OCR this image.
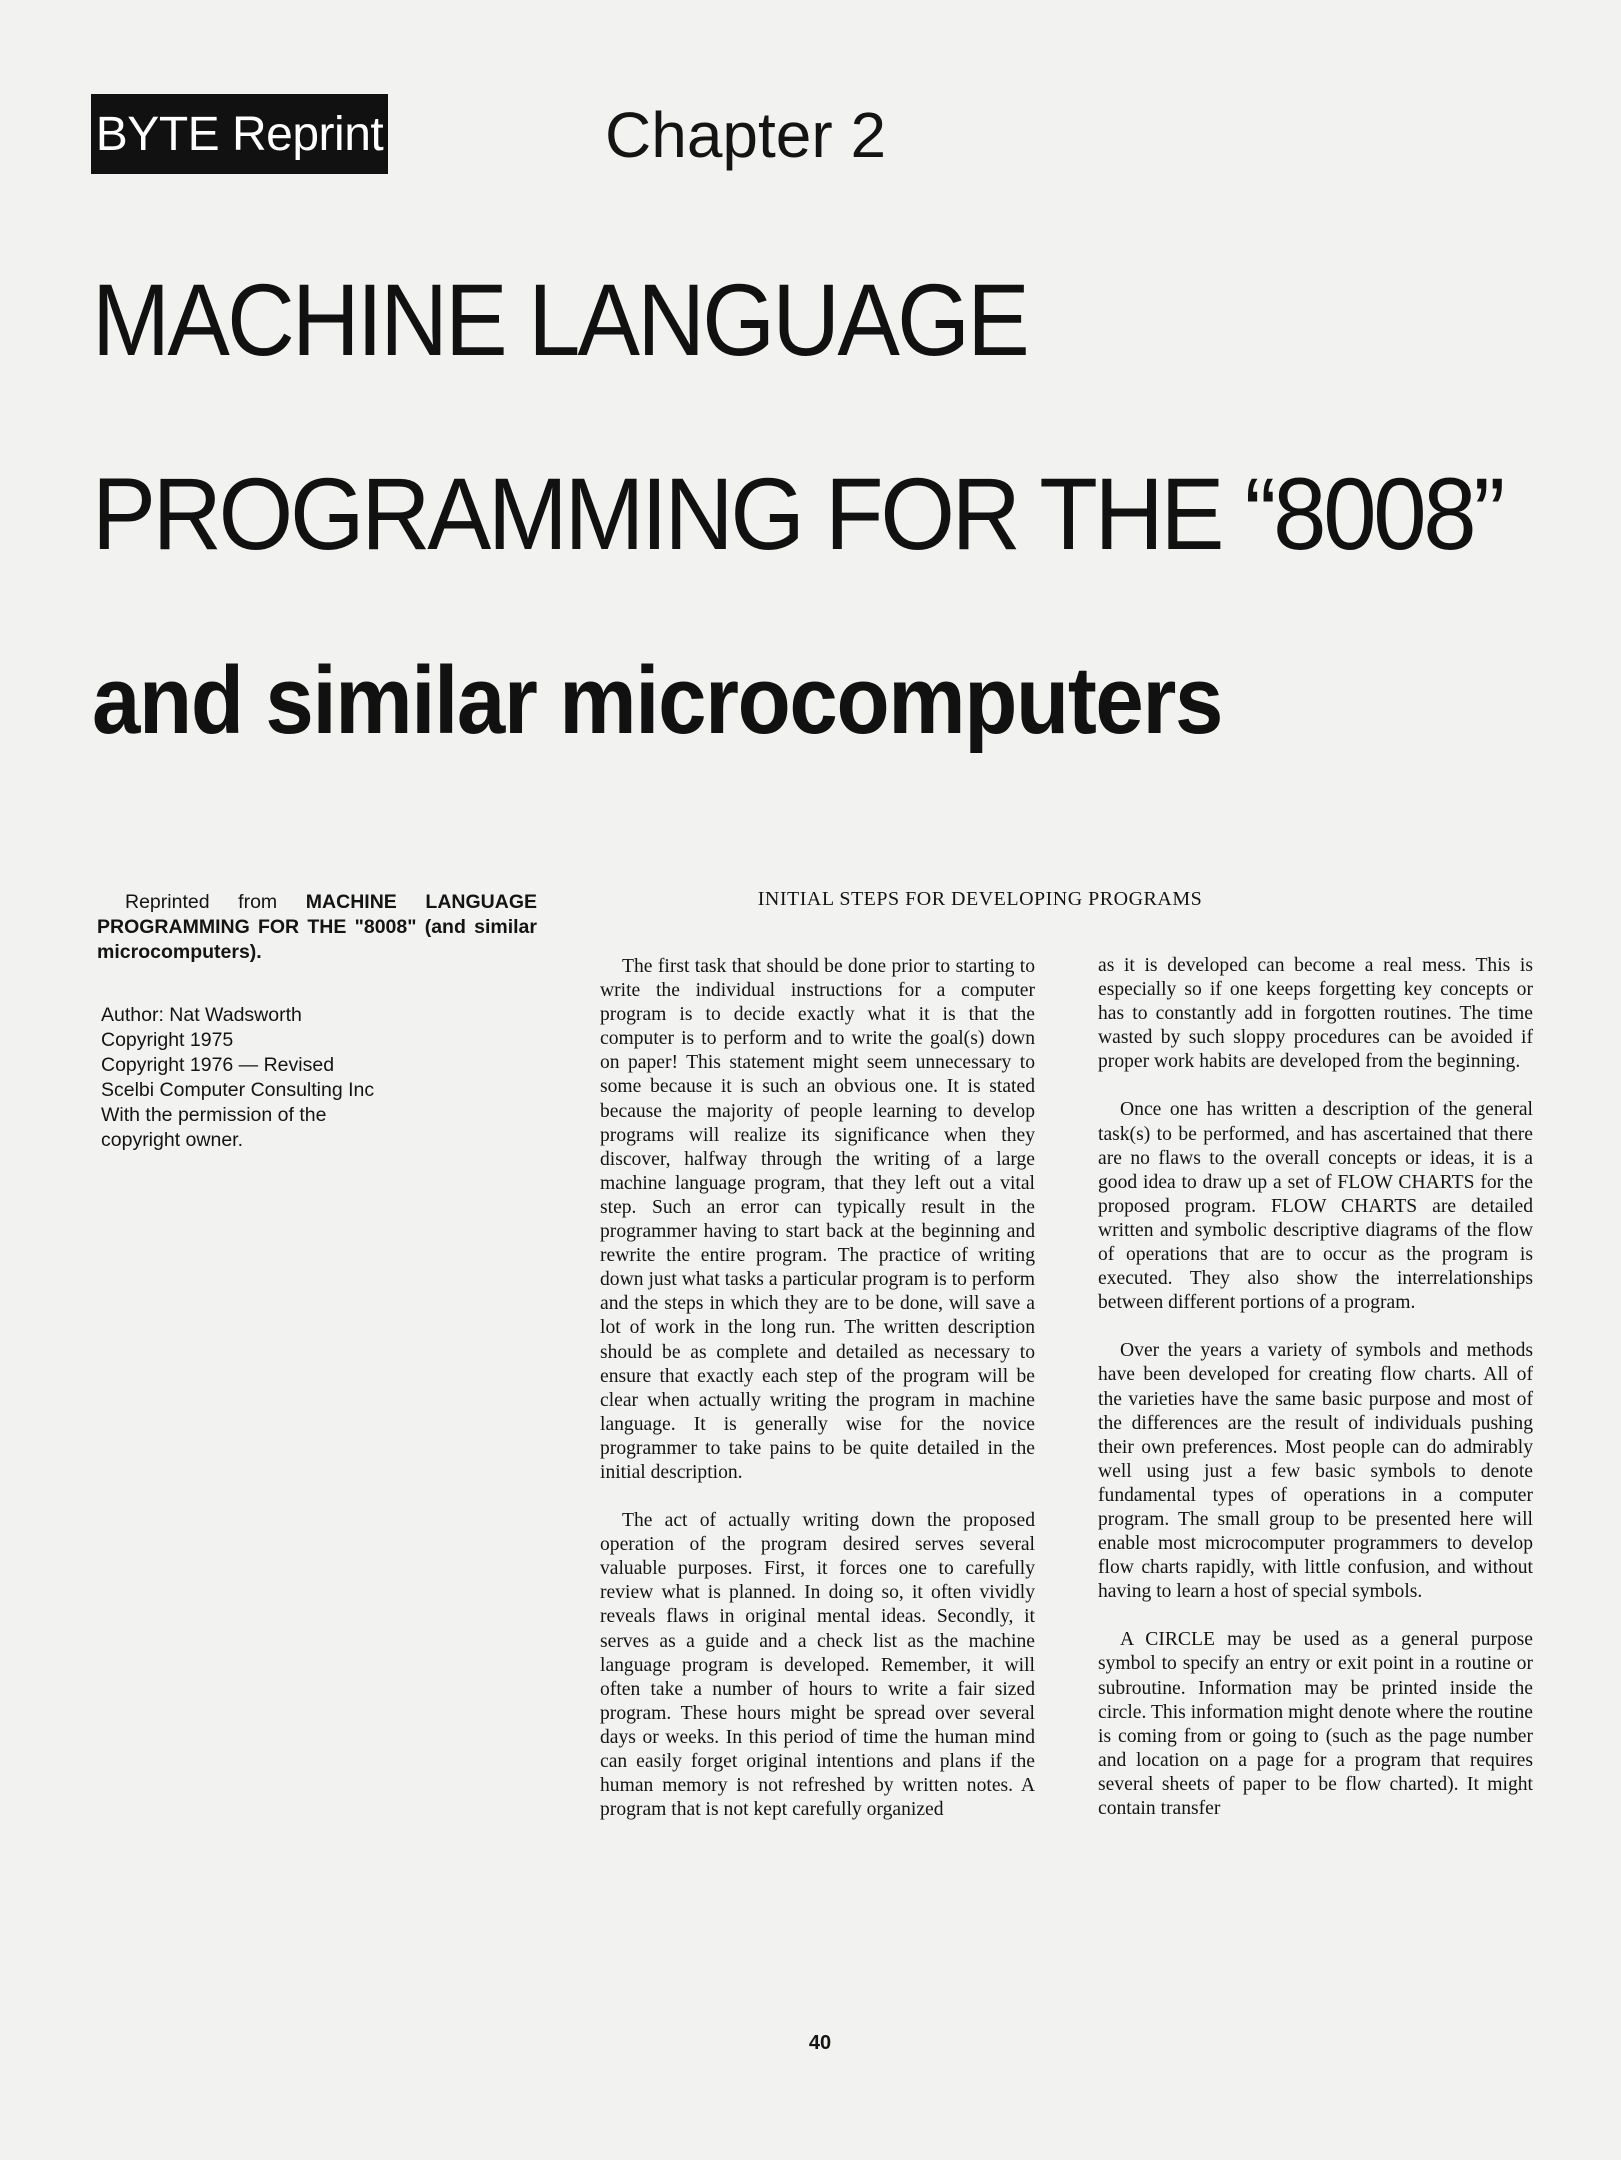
BYTE Reprint	Chapter 2
MACHINE LANGUAGE
PROGRAMMING FOR THE “8008”
and similar microcomputers

Reprinted from MACHINE LANGUAGE PROGRAMMING FOR THE "8008" (and similar microcomputers).

Author: Nat Wadsworth
Copyright 1975
Copyright 1976 — Revised
Scelbi Computer Consulting Inc
With the permission of the
copyright owner.
INITIAL STEPS FOR DEVELOPING PROGRAMS

The first task that should be done prior to starting to write the individual instructions for a computer program is to decide exactly what it is that the computer is to perform and to write the goal(s) down on paper! This statement might seem unnecessary to some because it is such an obvious one. It is stated because the majority of people learning to develop programs will realize its significance when they discover, halfway through the writing of a large machine language program, that they left out a vital step. Such an error can typically result in the programmer having to start back at the beginning and rewrite the entire program. The practice of writing down just what tasks a particular program is to perform and the steps in which they are to be done, will save a lot of work in the long run. The written description should be as complete and detailed as necessary to ensure that exactly each step of the program will be clear when actually writing the program in machine language. It is generally wise for the novice programmer to take pains to be quite detailed in the initial description.

The act of actually writing down the proposed operation of the program desired serves several valuable purposes. First, it forces one to carefully review what is planned. In doing so, it often vividly reveals flaws in original mental ideas. Secondly, it serves as a guide and a check list as the machine language program is developed. Remember, it will often take a number of hours to write a fair sized program. These hours might be spread over several days or weeks. In this period of time the human mind can easily forget original intentions and plans if the human memory is not refreshed by written notes. A program that is not kept carefully organized

as it is developed can become a real mess. This is especially so if one keeps forgetting key concepts or has to constantly add in forgotten routines. The time wasted by such sloppy procedures can be avoided if proper work habits are developed from the beginning.

Once one has written a description of the general task(s) to be performed, and has ascertained that there are no flaws to the overall concepts or ideas, it is a good idea to draw up a set of FLOW CHARTS for the proposed program. FLOW CHARTS are detailed written and symbolic descriptive diagrams of the flow of operations that are to occur as the program is executed. They also show the interrelationships between different portions of a program.

Over the years a variety of symbols and methods have been developed for creating flow charts. All of the varieties have the same basic purpose and most of the differences are the result of individuals pushing their own preferences. Most people can do admirably well using just a few basic symbols to denote fundamental types of operations in a computer program. The small group to be presented here will enable most microcomputer programmers to develop flow charts rapidly, with little confusion, and without having to learn a host of special symbols.

A CIRCLE may be used as a general purpose symbol to specify an entry or exit point in a routine or subroutine. Information may be printed inside the circle. This information might denote where the routine is coming from or going to (such as the page number and location on a page for a program that requires several sheets of paper to be flow charted). It might contain transfer

40
